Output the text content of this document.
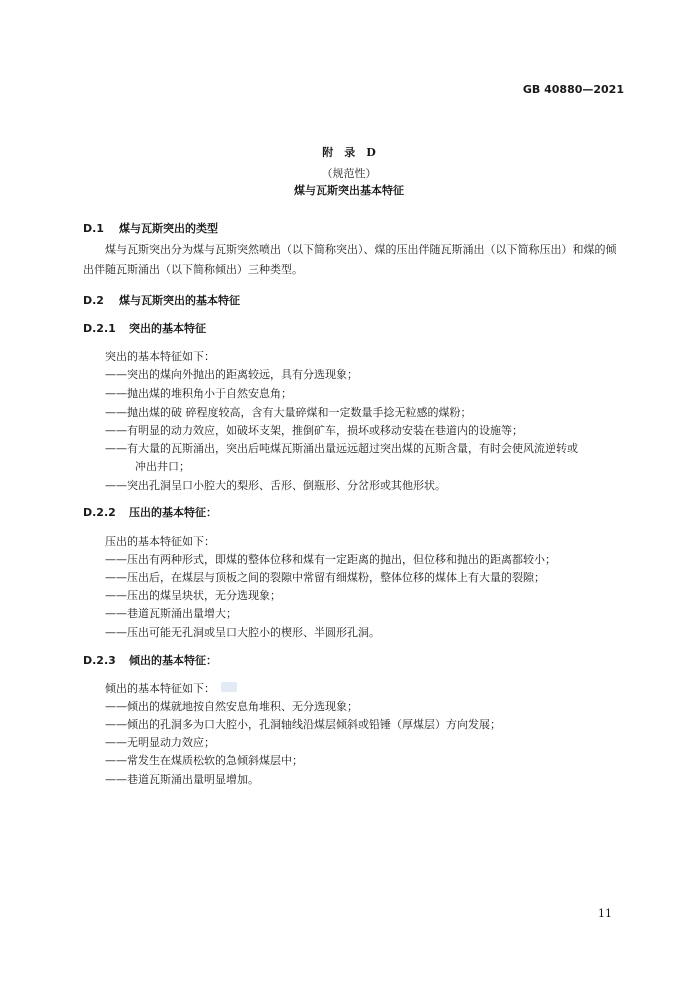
GB 40880—2021
附　录　D
（规范性）
煤与瓦斯突出基本特征
D.1 煤与瓦斯突出的类型
煤与瓦斯突出分为煤与瓦斯突然喷出（以下简称突出）、煤的压出伴随瓦斯涌出（以下简称压出）和煤的倾出伴随瓦斯涌出（以下简称倾出）三种类型。
D.2 煤与瓦斯突出的基本特征
D.2.1 突出的基本特征
突出的基本特征如下：
——突出的煤向外抛出的距离较远，具有分选现象；
——抛出煤的堆积角小于自然安息角；
——抛出煤的破 碎程度较高，含有大量碎煤和一定数量手捻无粒感的煤粉；
——有明显的动力效应，如破坏支架，推倒矿车，损坏或移动安装在巷道内的设施等；
——有大量的瓦斯涌出，突出后吨煤瓦斯涌出量远远超过突出煤的瓦斯含量，有时会使风流逆转或
冲出井口；
——突出孔洞呈口小腔大的梨形、舌形、倒瓶形、分岔形或其他形状。
D.2.2 压出的基本特征：
压出的基本特征如下：
——压出有两种形式，即煤的整体位移和煤有一定距离的抛出，但位移和抛出的距离都较小；
——压出后，在煤层与顶板之间的裂隙中常留有细煤粉，整体位移的煤体上有大量的裂隙；
——压出的煤呈块状，无分选现象；
——巷道瓦斯涌出量增大；
——压出可能无孔洞或呈口大腔小的楔形、半圆形孔洞。
D.2.3 倾出的基本特征：
倾出的基本特征如下：
——倾出的煤就地按自然安息角堆积、无分选现象；
——倾出的孔洞多为口大腔小，孔洞轴线沿煤层倾斜或铅锤（厚煤层）方向发展；
——无明显动力效应；
——常发生在煤质松软的急倾斜煤层中；
——巷道瓦斯涌出量明显增加。
11
